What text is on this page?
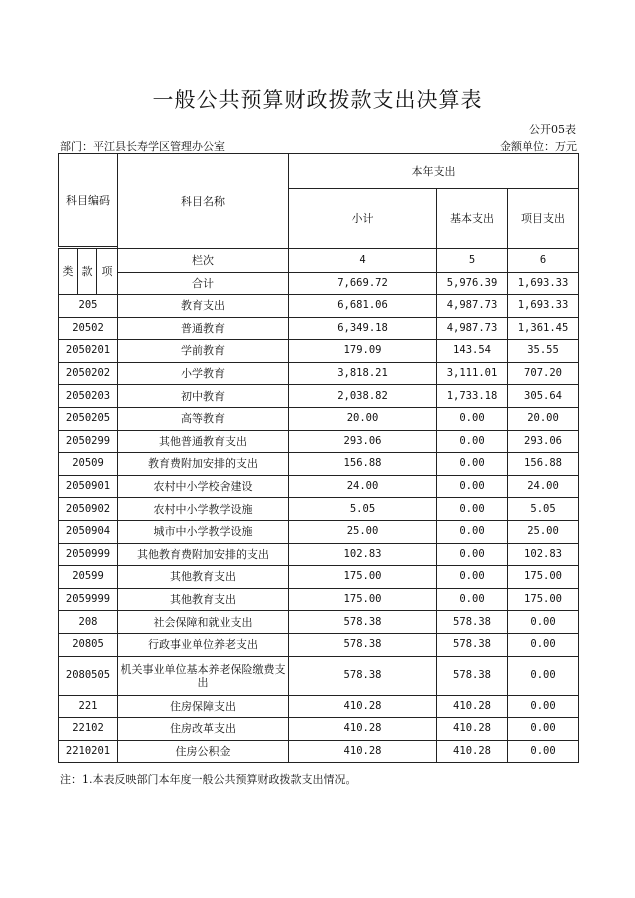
一般公共预算财政拨款支出决算表
公开05表
部门：平江县长寿学区管理办公室	金额单位：万元
科目编码			科目名称	本年支出		
				小计	基本支出	项目支出

类	款	项	栏次	4	5	6
			合计	7,669.72	5,976.39	1,693.33
205			教育支出	6,681.06	4,987.73	1,693.33
20502			普通教育	6,349.18	4,987.73	1,361.45
2050201			学前教育	179.09	143.54	35.55
2050202			小学教育	3,818.21	3,111.01	707.20
2050203			初中教育	2,038.82	1,733.18	305.64
2050205			高等教育	20.00	0.00	20.00
2050299			其他普通教育支出	293.06	0.00	293.06
20509			教育费附加安排的支出	156.88	0.00	156.88
2050901			农村中小学校舍建设	24.00	0.00	24.00
2050902			农村中小学教学设施	5.05	0.00	5.05
2050904			城市中小学教学设施	25.00	0.00	25.00
2050999			其他教育费附加安排的支出	102.83	0.00	102.83
20599			其他教育支出	175.00	0.00	175.00
2059999			其他教育支出	175.00	0.00	175.00
208			社会保障和就业支出	578.38	578.38	0.00
20805			行政事业单位养老支出	578.38	578.38	0.00
2080505			机关事业单位基本养老保险缴费支出	578.38	578.38	0.00
221			住房保障支出	410.28	410.28	0.00
22102			住房改革支出	410.28	410.28	0.00
2210201			住房公积金	410.28	410.28	0.00
注：1.本表反映部门本年度一般公共预算财政拨款支出情况。
